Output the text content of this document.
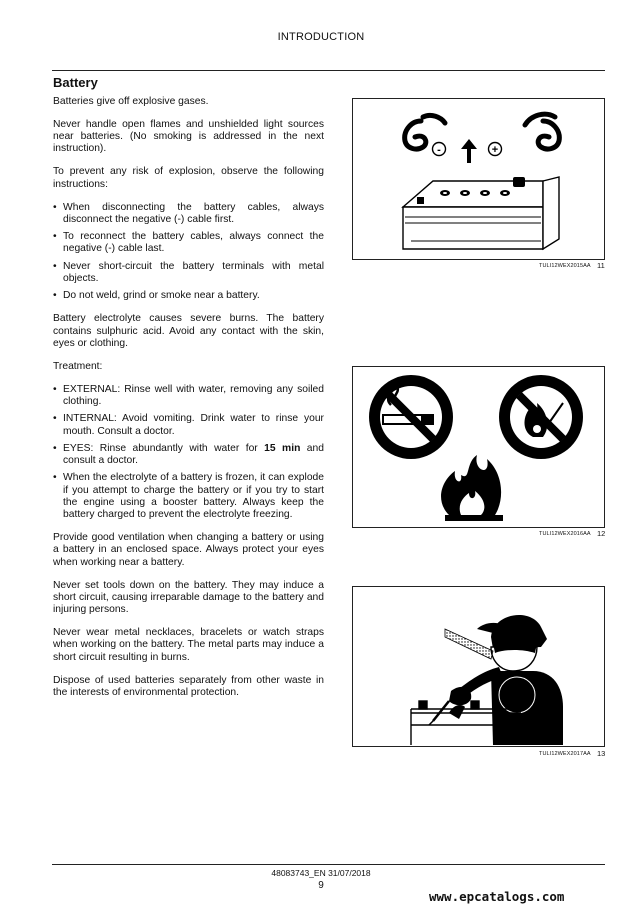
INTRODUCTION
Battery

Batteries give off explosive gases.

Never handle open flames and unshielded light sources near batteries. (No smoking is addressed in the next instruction).

To prevent any risk of explosion, observe the following instructions:

• When disconnecting the battery cables, always disconnect the negative (-) cable first.
• To reconnect the battery cables, always connect the negative (-) cable last.
• Never short-circuit the battery terminals with metal objects.
• Do not weld, grind or smoke near a battery.

Battery electrolyte causes severe burns. The battery contains sulphuric acid. Avoid any contact with the skin, eyes or clothing.

Treatment:

• EXTERNAL: Rinse well with water, removing any soiled clothing.
• INTERNAL: Avoid vomiting. Drink water to rinse your mouth. Consult a doctor.
• EYES: Rinse abundantly with water for 15 min and consult a doctor.
• When the electrolyte of a battery is frozen, it can explode if you attempt to charge the battery or if you try to start the engine using a booster battery. Always keep the battery charged to prevent the electrolyte freezing.

Provide good ventilation when changing a battery or using a battery in an enclosed space. Always protect your eyes when working near a battery.

Never set tools down on the battery. They may induce a short circuit, causing irreparable damage to the battery and injuring persons.

Never wear metal necklaces, bracelets or watch straps when working on the battery. The metal parts may induce a short circuit resulting in burns.

Dispose of used batteries separately from other waste in the interests of environmental protection.

-	+
TULI12WEX2015AA 11
TULI12WEX2016AA 12
TULI12WEX2017AA 13
48083743_EN 31/07/2018
9
www.epcatalogs.com
